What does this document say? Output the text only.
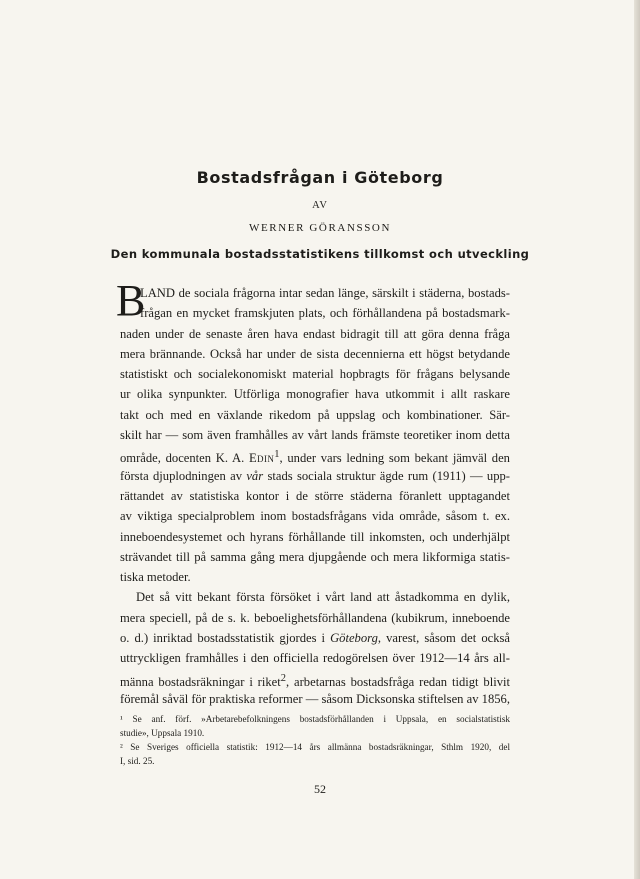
Bostadsfrågan i Göteborg
AV
WERNER GÖRANSSON
Den kommunala bostadsstatistikens tillkomst och utveckling
B
LAND de sociala frågorna intar sedan länge, särskilt i städerna, bostads-
frågan en mycket framskjuten plats, och förhållandena på bostadsmark-
naden under de senaste åren hava endast bidragit till att göra denna fråga
mera brännande. Också har under de sista decennierna ett högst betydande
statistiskt och socialekonomiskt material hopbragts för frågans belysande
ur olika synpunkter. Utförliga monografier hava utkommit i allt raskare
takt och med en växlande rikedom på uppslag och kombinationer. Sär-
skilt har — som även framhålles av vårt lands främste teoretiker inom detta
område, docenten K. A. Edin$^1$, under vars ledning som bekant jämväl den
första djuplodningen av vår stads sociala struktur ägde rum (1911) — upp-
rättandet av statistiska kontor i de större städerna föranlett upptagandet
av viktiga specialproblem inom bostadsfrågans vida område, såsom t. ex.
inneboendesystemet och hyrans förhållande till inkomsten, och underhjälpt
strävandet till på samma gång mera djupgående och mera likformiga statis-
tiska metoder.
Det så vitt bekant första försöket i vårt land att åstadkomma en dylik,
mera speciell, på de s. k. beboelighetsförhållandena (kubikrum, inneboende
o. d.) inriktad bostadsstatistik gjordes i Göteborg, varest, såsom det också
uttryckligen framhålles i den officiella redogörelsen över 1912—14 års all-
männa bostadsräkningar i riket$^2$, arbetarnas bostadsfråga redan tidigt blivit
föremål såväl för praktiska reformer — såsom Dicksonska stiftelsen av 1856,
¹ Se anf. förf. »Arbetarebefolkningens bostadsförhållanden i Uppsala, en socialstatistisk
studie», Uppsala 1910.
² Se Sveriges officiella statistik: 1912—14 års allmänna bostadsräkningar, Sthlm 1920, del
I, sid. 25.
52
